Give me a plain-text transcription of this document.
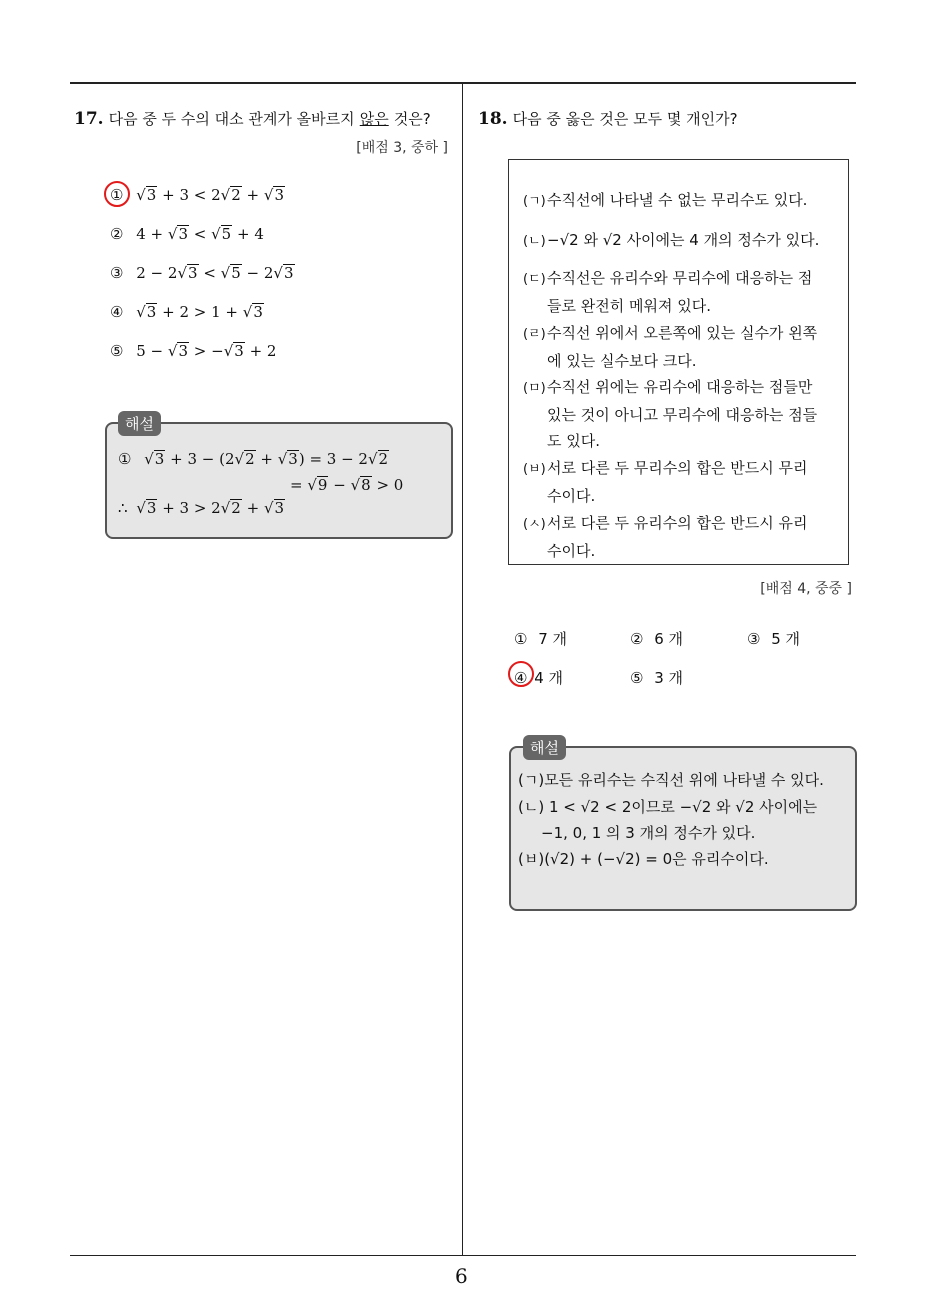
6
17. 다음 중 두 수의 대소 관계가 올바르지 않은 것은?
[배점 3, 중하 ]
① √ 3 + 3 < 2 √ 2 + √ 3
② 4 + √ 3 < √ 5 + 4
③ 2 − 2 √ 3 < √ 5 − 2 √ 3
④ √ 3 + 2 > 1 + √ 3
⑤ 5 − √ 3 > − √ 3 + 2
해설
① √ 3 + 3 − (2 √ 2 + √ 3 ) = 3 − 2 √ 2
= √ 9 − √ 8 > 0
∴ √ 3 + 3 > 2 √ 2 + √ 3
18. 다음 중 옳은 것은 모두 몇 개인가?
(ㄱ)수직선에 나타낼 수 없는 무리수도 있다.
(ㄴ)−√2 와 √2 사이에는 4 개의 정수가 있다.
(ㄷ)수직선은 유리수와 무리수에 대응하는 점
들로 완전히 메워져 있다.
(ㄹ)수직선 위에서 오른쪽에 있는 실수가 왼쪽
에 있는 실수보다 크다.
(ㅁ)수직선 위에는 유리수에 대응하는 점들만
있는 것이 아니고 무리수에 대응하는 점들
도 있다.
(ㅂ)서로 다른 두 무리수의 합은 반드시 무리
수이다.
(ㅅ)서로 다른 두 유리수의 합은 반드시 유리
수이다.
[배점 4, 중중 ]
① 7 개	② 6 개	③ 5 개
④ 4 개	⑤ 3 개
해설
(ㄱ)모든 유리수는 수직선 위에 나타낼 수 있다.
(ㄴ) 1 < √2 < 2이므로 −√2 와 √2 사이에는
−1, 0, 1 의 3 개의 정수가 있다.
(ㅂ)(√2) + (−√2) = 0은 유리수이다.
